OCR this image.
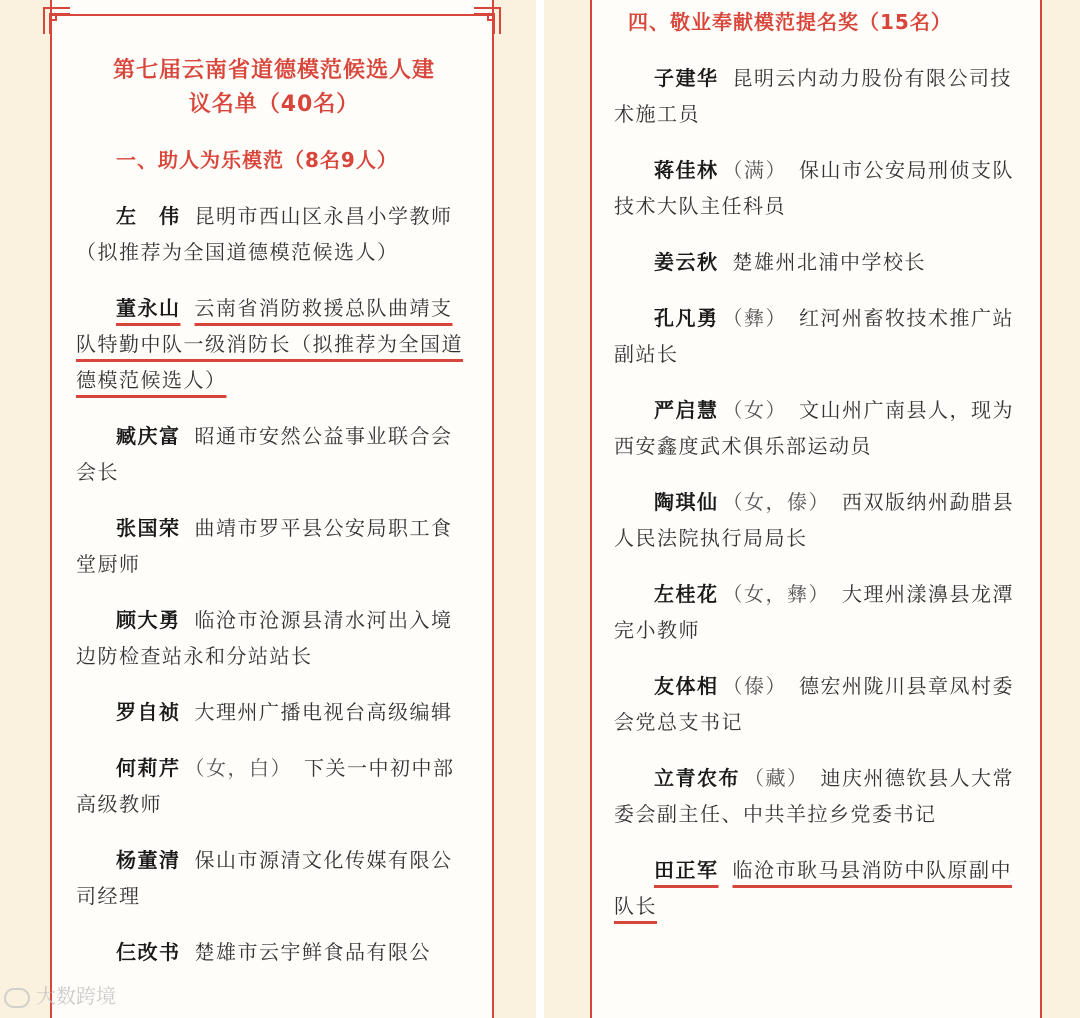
第七届云南省道德模范候选人建
议名单（40名）
一、助人为乐模范（8名9人）
左　伟 昆明市西山区永昌小学教师（拟推荐为全国道德模范候选人）
董永山 云南省消防救援总队曲靖支队特勤中队一级消防长（拟推荐为全国道德模范候选人）
臧庆富 昭通市安然公益事业联合会会长
张国荣 曲靖市罗平县公安局职工食堂厨师
顾大勇 临沧市沧源县清水河出入境边防检查站永和分站站长
罗自祯 大理州广播电视台高级编辑
何莉芹 （女，白） 下关一中初中部高级教师
杨董清 保山市源清文化传媒有限公司经理
仨改书 楚雄市云宇鲜食品有限公
四、敬业奉献模范提名奖（15名）
子建华 昆明云内动力股份有限公司技术施工员
蒋佳林 （满） 保山市公安局刑侦支队技术大队主任科员
姜云秋 楚雄州北浦中学校长
孔凡勇 （彝） 红河州畜牧技术推广站副站长
严启慧 （女） 文山州广南县人，现为西安鑫度武术俱乐部运动员
陶琪仙 （女，傣） 西双版纳州勐腊县人民法院执行局局长
左桂花 （女，彝） 大理州漾濞县龙潭完小教师
友体相 （傣） 德宏州陇川县章凤村委会党总支书记
立青农布 （藏） 迪庆州德钦县人大常委会副主任、中共羊拉乡党委书记
田正军 临沧市耿马县消防中队原副中队长
大数跨境
